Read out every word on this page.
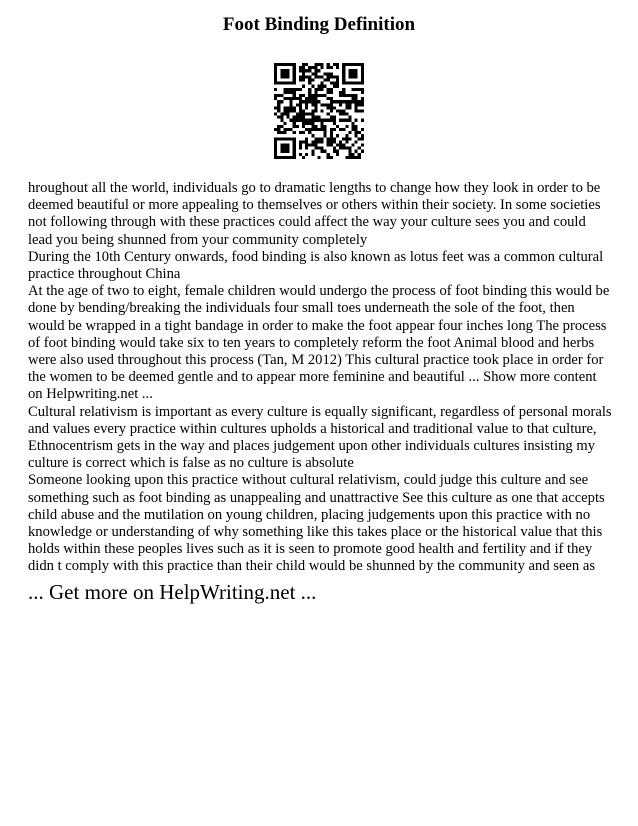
Foot Binding Definition

hroughout all the world, individuals go to dramatic lengths to change how they look in order to be deemed beautiful or more appealing to themselves or others within their society. In some societies not following through with these practices could affect the way your culture sees you and could lead you being shunned from your community completely

During the 10th Century onwards, food binding is also known as lotus feet was a common cultural practice throughout China

At the age of two to eight, female children would undergo the process of foot binding this would be done by bending/breaking the individuals four small toes underneath the sole of the foot, then would be wrapped in a tight bandage in order to make the foot appear four inches long The process of foot binding would take six to ten years to completely reform the foot Animal blood and herbs were also used throughout this process (Tan, M 2012) This cultural practice took place in order for the women to be deemed gentle and to appear more feminine and beautiful ... Show more content on Helpwriting.net ...

Cultural relativism is important as every culture is equally significant, regardless of personal morals and values every practice within cultures upholds a historical and traditional value to that culture, Ethnocentrism gets in the way and places judgement upon other individuals cultures insisting my culture is correct which is false as no culture is absolute

Someone looking upon this practice without cultural relativism, could judge this culture and see something such as foot binding as unappealing and unattractive See this culture as one that accepts child abuse and the mutilation on young children, placing judgements upon this practice with no knowledge or understanding of why something like this takes place or the historical value that this holds within these peoples lives such as it is seen to promote good health and fertility and if they didn t comply with this practice than their child would be shunned by the community and seen as

... Get more on HelpWriting.net ...
